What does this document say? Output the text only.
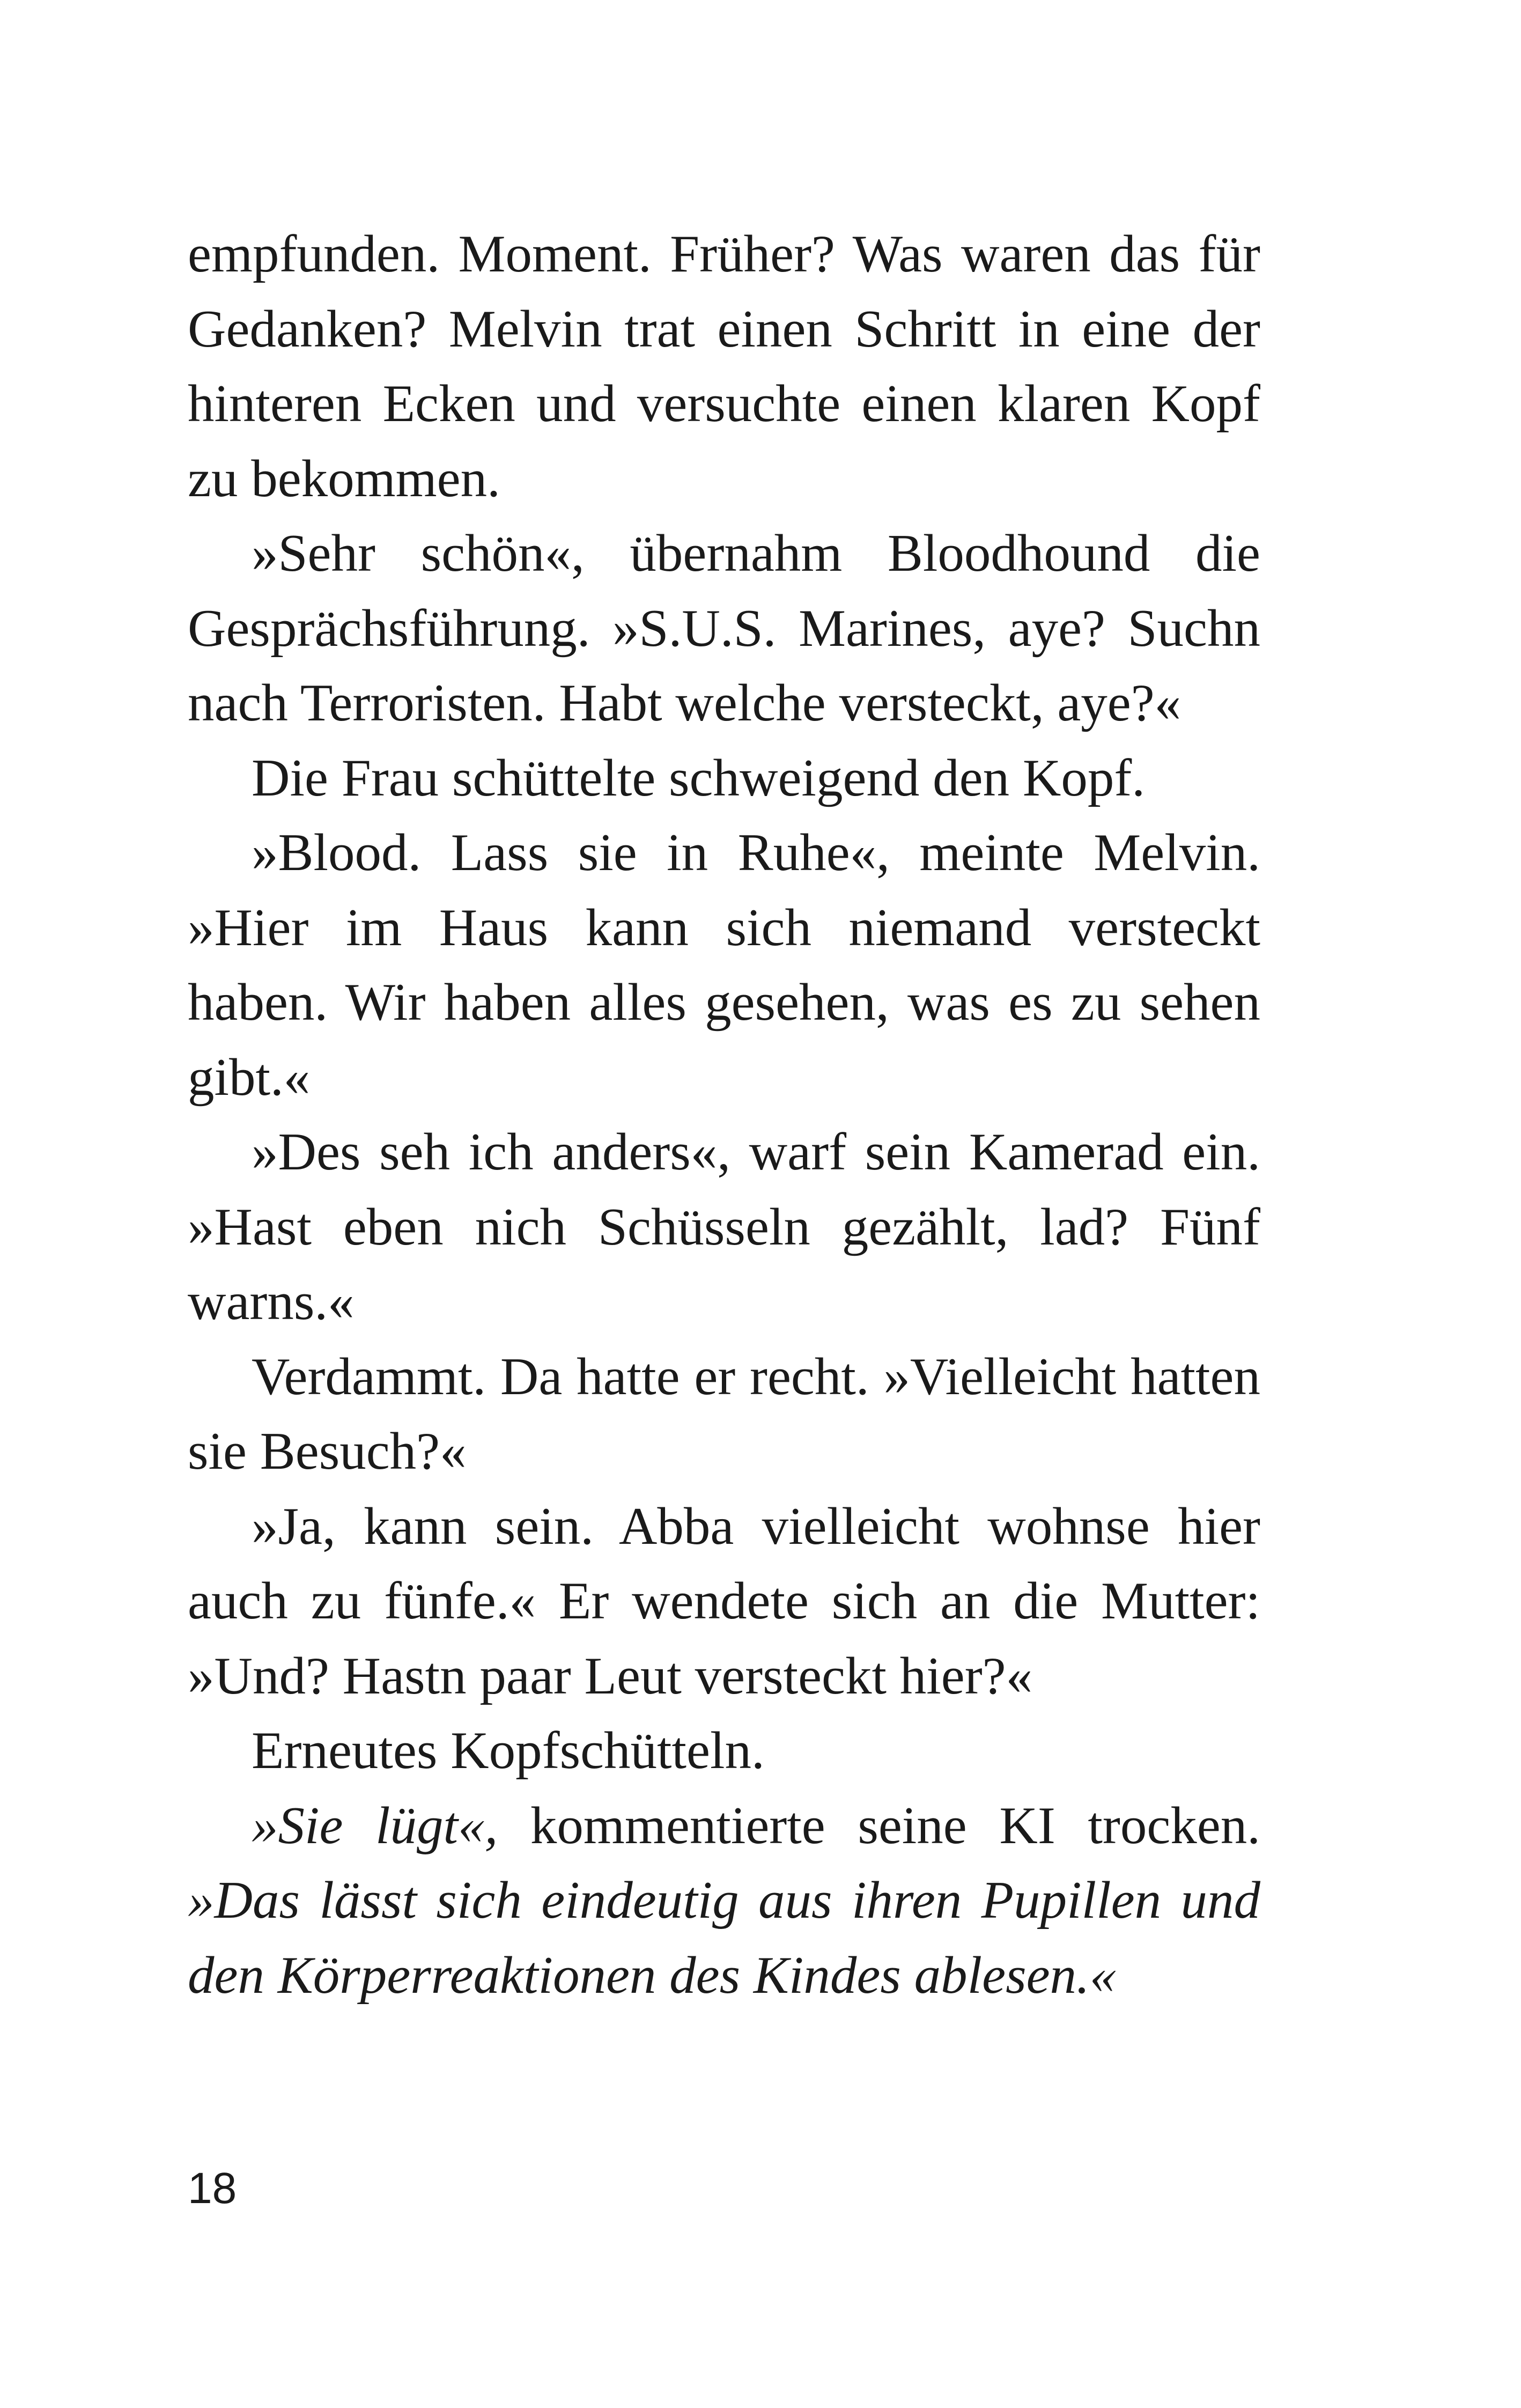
empfunden. Moment. Früher? Was waren das für Gedanken? Melvin trat einen Schritt in eine der hinteren Ecken und versuchte einen klaren Kopf zu bekommen.

»Sehr schön«, übernahm Bloodhound die Gesprächsführung. »S.U.S. Marines, aye? Suchn nach Terroristen. Habt welche versteckt, aye?«

Die Frau schüttelte schweigend den Kopf.

»Blood. Lass sie in Ruhe«, meinte Melvin. »Hier im Haus kann sich niemand versteckt haben. Wir haben alles gesehen, was es zu sehen gibt.«

»Des seh ich anders«, warf sein Kamerad ein. »Hast eben nich Schüsseln gezählt, lad? Fünf warns.«

Verdammt. Da hatte er recht. »Vielleicht hatten sie Besuch?«

»Ja, kann sein. Abba vielleicht wohnse hier auch zu fünfe.« Er wendete sich an die Mutter: »Und? Hastn paar Leut versteckt hier?«

Erneutes Kopfschütteln.

»Sie lügt«, kommentierte seine KI trocken. »Das lässt sich eindeutig aus ihren Pupillen und den Körperreaktionen des Kindes ablesen.«

18
